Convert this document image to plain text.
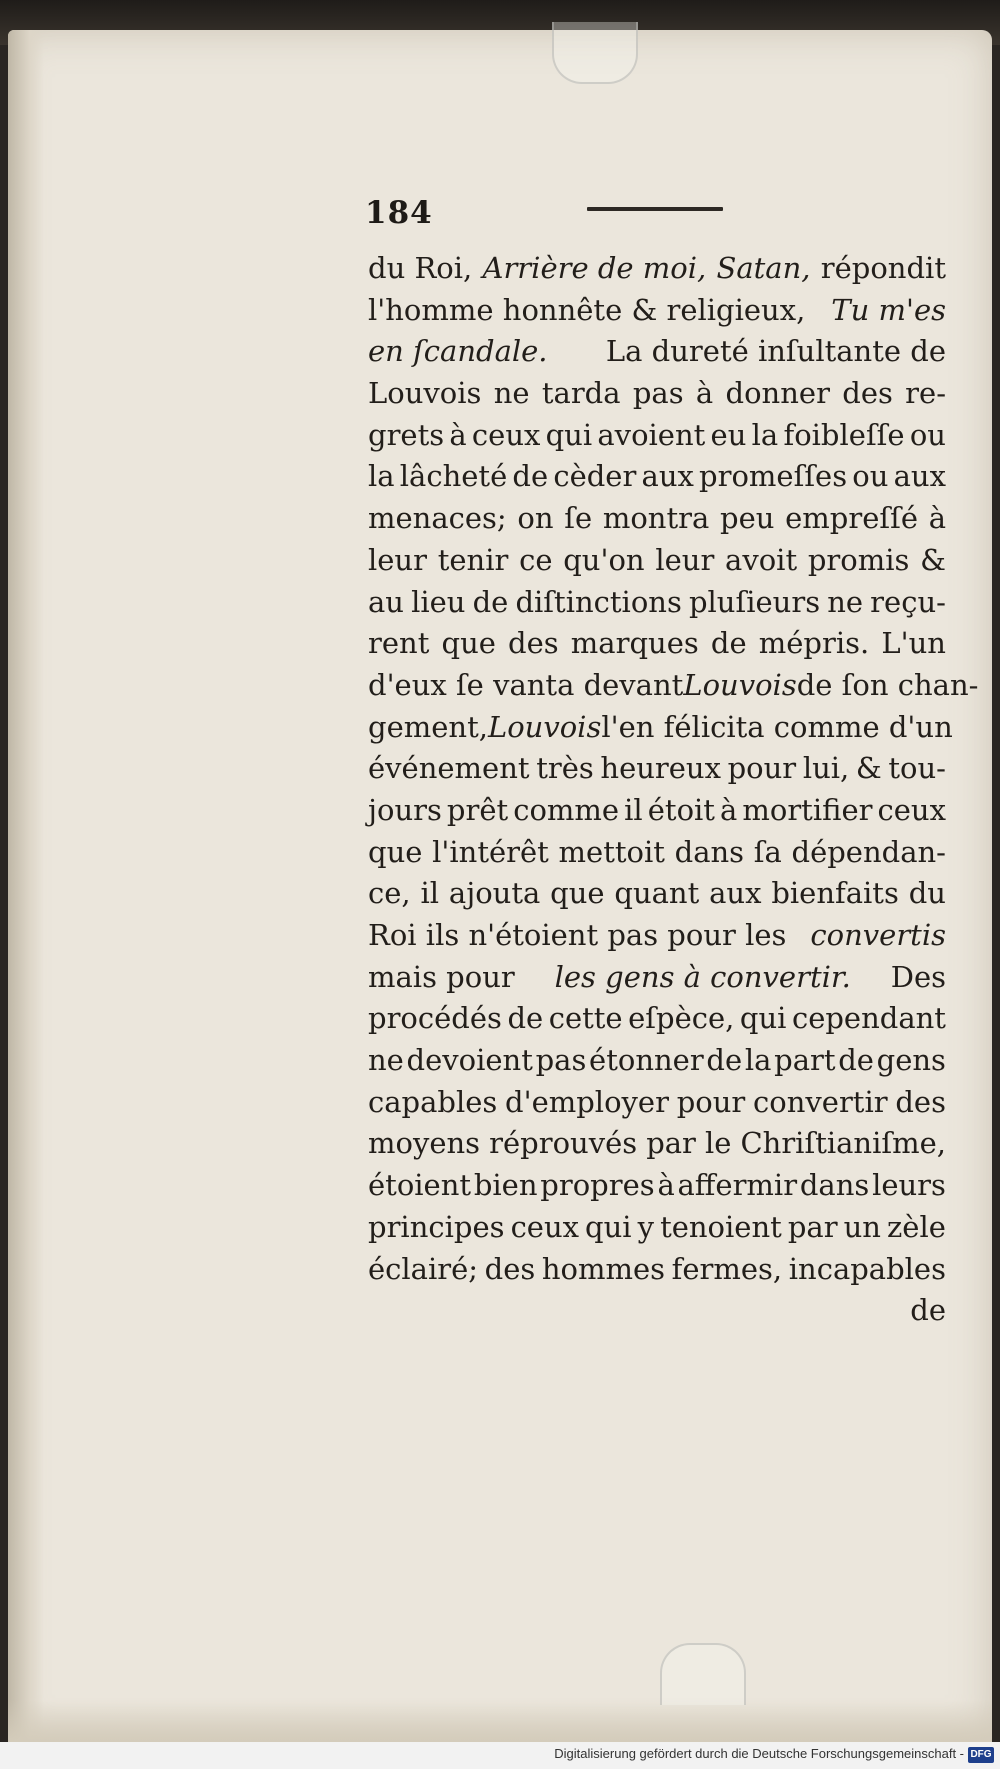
184
du Roi, Arrière de moi, Satan, répondit
l'homme honnête & religieux, Tu m'es
en ſcandale. La dureté inſultante de
Louvois ne tarda pas à donner des re-
grets à ceux qui avoient eu la foibleſſe ou
la lâcheté de cèder aux promeſſes ou aux
menaces; on ſe montra peu empreſſé à
leur tenir ce qu'on leur avoit promis &
au lieu de diſtinctions pluſieurs ne reçu-
rent que des marques de mépris. L'un
d'eux ſe vanta devant Louvois de ſon chan-
gement, Louvois l'en félicita comme d'un
événement très heureux pour lui, & tou-
jours prêt comme il étoit à mortifier ceux
que l'intérêt mettoit dans ſa dépendan-
ce, il ajouta que quant aux bienfaits du
Roi ils n'étoient pas pour les convertis
mais pour les gens à convertir. Des
procédés de cette eſpèce, qui cependant
ne devoient pas étonner de la part de gens
capables d'employer pour convertir des
moyens réprouvés par le Chriſtianiſme,
étoient bien propres à affermir dans leurs
principes ceux qui y tenoient par un zèle
éclairé; des hommes fermes, incapables
de
Digitalisierung gefördert durch die Deutsche Forschungsgemeinschaft - DFG
